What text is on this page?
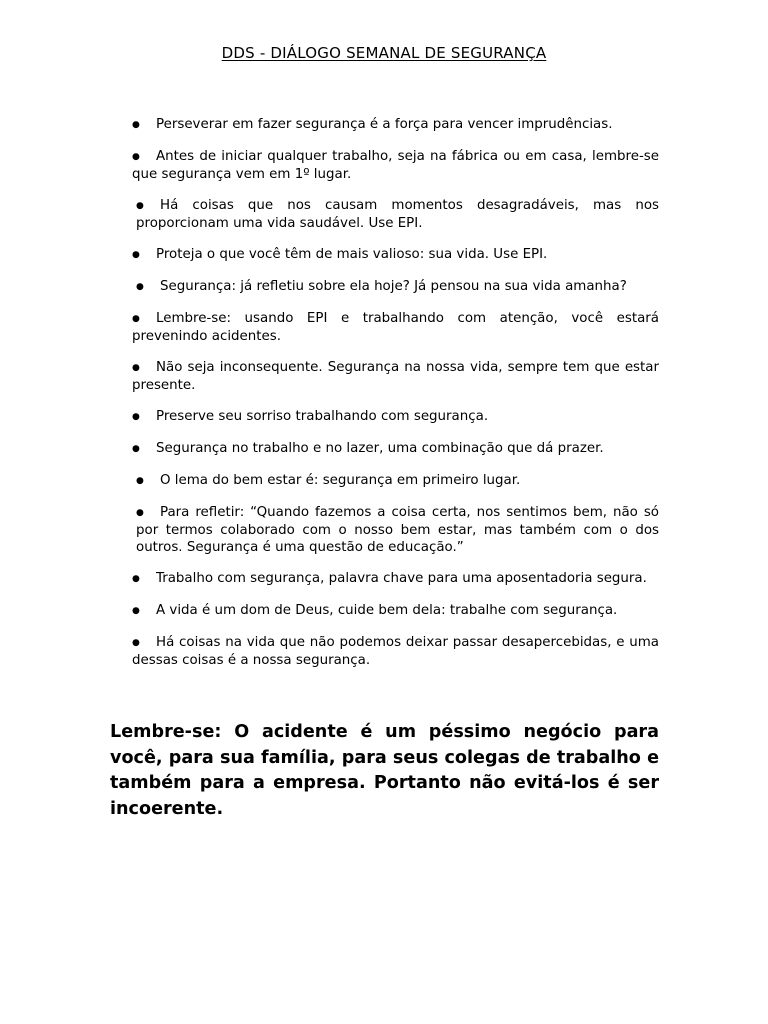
DDS - DIÁLOGO SEMANAL DE SEGURANÇA
● Perseverar em fazer segurança é a força para vencer imprudências.
● Antes de iniciar qualquer trabalho, seja na fábrica ou em casa, lembre-se que segurança vem em 1º lugar.
● Há coisas que nos causam momentos desagradáveis, mas nos proporcionam uma vida saudável. Use EPI.
● Proteja o que você têm de mais valioso: sua vida. Use EPI.
● Segurança: já refletiu sobre ela hoje? Já pensou na sua vida amanha?
● Lembre-se: usando EPI e trabalhando com atenção, você estará prevenindo acidentes.
● Não seja inconsequente. Segurança na nossa vida, sempre tem que estar presente.
● Preserve seu sorriso trabalhando com segurança.
● Segurança no trabalho e no lazer, uma combinação que dá prazer.
● O lema do bem estar é: segurança em primeiro lugar.
● Para refletir: “Quando fazemos a coisa certa, nos sentimos bem, não só por termos colaborado com o nosso bem estar, mas também com o dos outros. Segurança é uma questão de educação.”
● Trabalho com segurança, palavra chave para uma aposentadoria segura.
● A vida é um dom de Deus, cuide bem dela: trabalhe com segurança.
● Há coisas na vida que não podemos deixar passar desapercebidas, e uma dessas coisas é a nossa segurança.
Lembre-se: O acidente é um péssimo negócio para você, para sua família, para seus colegas de trabalho e também para a empresa. Portanto não evitá-los é ser incoerente.
